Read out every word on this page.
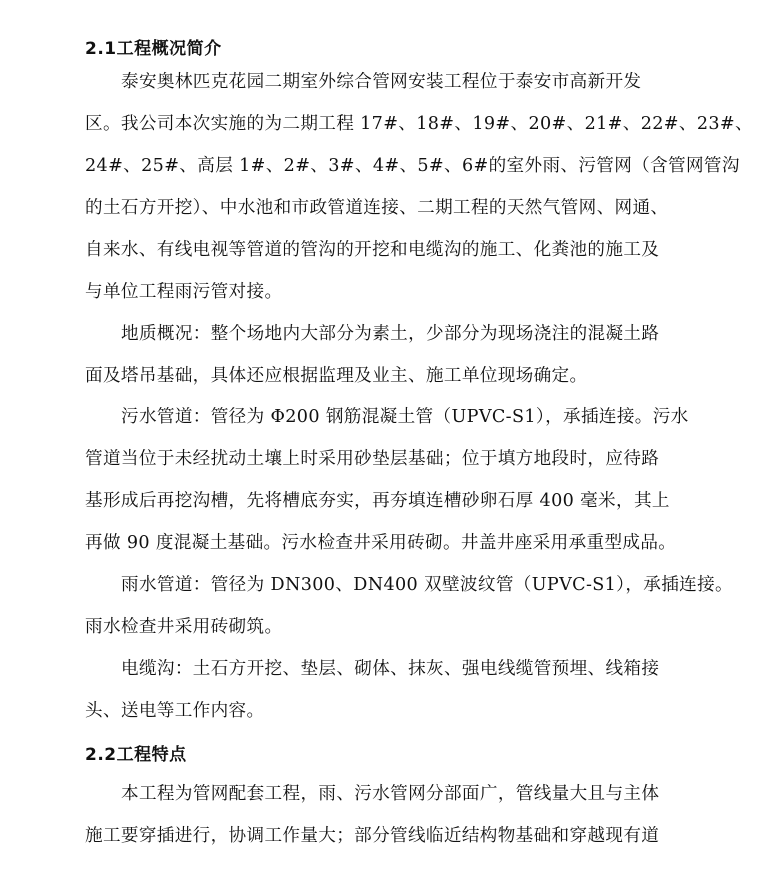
2.1工程概况简介
泰安奥林匹克花园二期室外综合管网安装工程位于泰安市高新开发
区。我公司本次实施的为二期工程 17#、18#、19#、20#、21#、22#、23#、
24#、25#、高层 1#、2#、3#、4#、5#、6#的室外雨、污管网（含管网管沟
的土石方开挖）、中水池和市政管道连接、二期工程的天然气管网、网通、
自来水、有线电视等管道的管沟的开挖和电缆沟的施工、化粪池的施工及
与单位工程雨污管对接。
地质概况：整个场地内大部分为素土，少部分为现场浇注的混凝土路
面及塔吊基础，具体还应根据监理及业主、施工单位现场确定。
污水管道：管径为 Φ200 钢筋混凝土管（UPVC-S1），承插连接。污水
管道当位于未经扰动土壤上时采用砂垫层基础；位于填方地段时，应待路
基形成后再挖沟槽，先将槽底夯实，再夯填连槽砂卵石厚 400 毫米，其上
再做 90 度混凝土基础。污水检查井采用砖砌。井盖井座采用承重型成品。
雨水管道：管径为 DN300、DN400 双壁波纹管（UPVC-S1），承插连接。
雨水检查井采用砖砌筑。
电缆沟：土石方开挖、垫层、砌体、抹灰、强电线缆管预埋、线箱接
头、送电等工作内容。
2.2工程特点
本工程为管网配套工程，雨、污水管网分部面广，管线量大且与主体
施工要穿插进行，协调工作量大；部分管线临近结构物基础和穿越现有道
